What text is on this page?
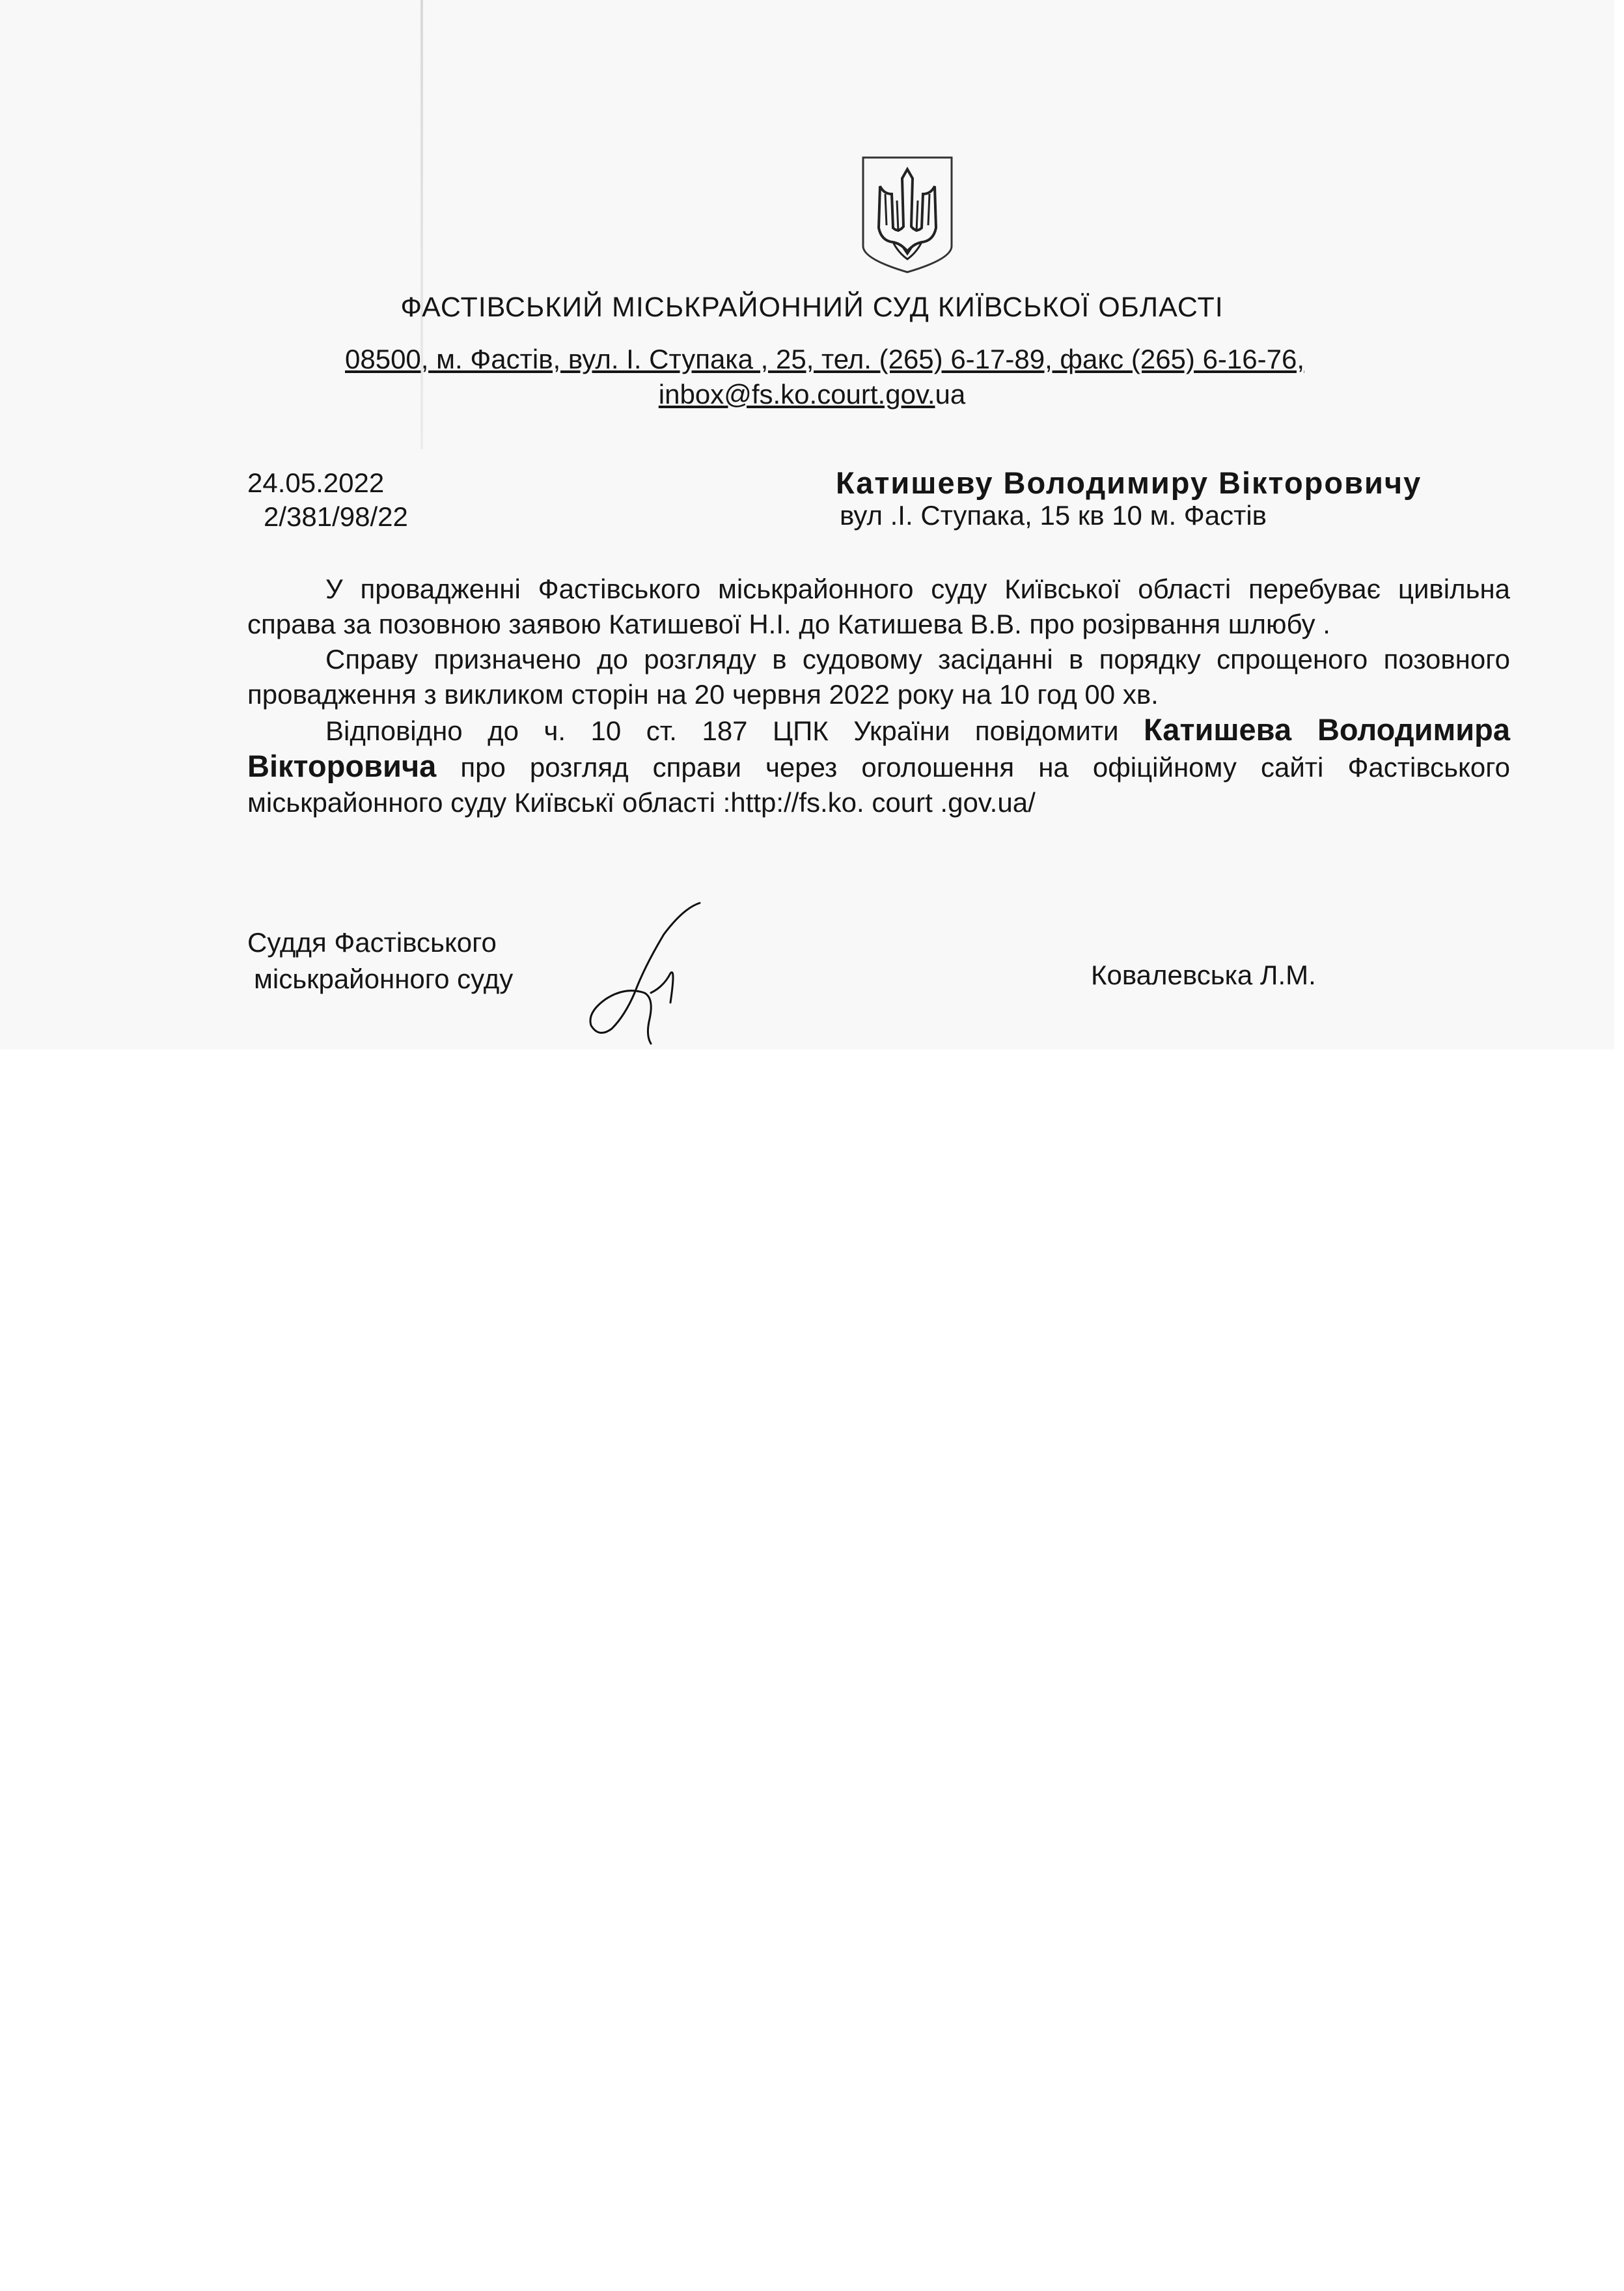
ФАСТІВСЬКИЙ МІСЬКРАЙОННИЙ СУД КИЇВСЬКОЇ ОБЛАСТІ
08500, м. Фастів, вул. І. Ступака , 25, тел. (265) 6-17-89, факс (265) 6-16-76,
inbox@fs.ko.court.gov.ua
24.05.2022
2/381/98/22
Катишеву Володимиру Вікторовичу
вул .І. Ступака, 15 кв 10 м. Фастів

У провадженні Фастівського міськрайонного суду Київської області перебуває цивільна справа за позовною заявою Катишевої Н.І. до Катишева В.В. про розірвання шлюбу .

Справу призначено до розгляду в судовому засіданні в порядку спрощеного позовного провадження з викликом сторін на 20 червня 2022 року на 10 год 00 хв.

Відповідно до ч. 10 ст. 187 ЦПК України повідомити Катишева Володимира Вікторовича про розгляд справи через оголошення на офіційному сайті Фастівського міськрайонного суду Київськї області :http://fs.ko. court .gov.ua/

Суддя Фастівського
міськрайонного суду	Ковалевська Л.М.
